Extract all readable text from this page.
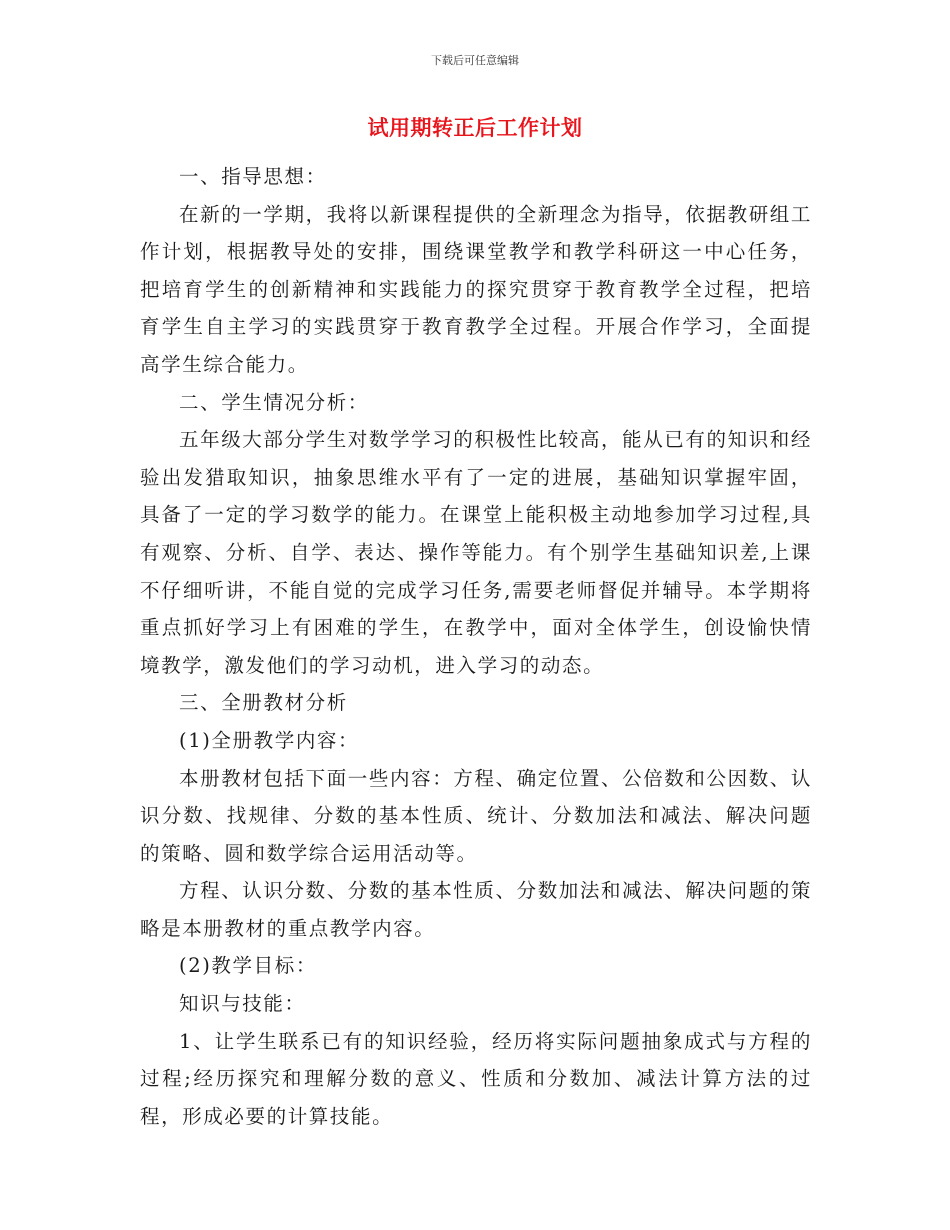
下载后可任意编辑
试用期转正后工作计划

一、指导思想：

在新的一学期，我将以新课程提供的全新理念为指导，依据教研组工作计划，根据教导处的安排，围绕课堂教学和教学科研这一中心任务，把培育学生的创新精神和实践能力的探究贯穿于教育教学全过程，把培育学生自主学习的实践贯穿于教育教学全过程。开展合作学习，全面提高学生综合能力。

二、学生情况分析：

五年级大部分学生对数学学习的积极性比较高，能从已有的知识和经验出发猎取知识，抽象思维水平有了一定的进展，基础知识掌握牢固，具备了一定的学习数学的能力。在课堂上能积极主动地参加学习过程,具有观察、分析、自学、表达、操作等能力。有个别学生基础知识差,上课不仔细听讲，不能自觉的完成学习任务,需要老师督促并辅导。本学期将重点抓好学习上有困难的学生，在教学中，面对全体学生，创设愉快情境教学，激发他们的学习动机，进入学习的动态。

三、全册教材分析

(1)全册教学内容：

本册教材包括下面一些内容：方程、确定位置、公倍数和公因数、认识分数、找规律、分数的基本性质、统计、分数加法和减法、解决问题的策略、圆和数学综合运用活动等。

方程、认识分数、分数的基本性质、分数加法和减法、解决问题的策略是本册教材的重点教学内容。

(2)教学目标：

知识与技能：

1、让学生联系已有的知识经验，经历将实际问题抽象成式与方程的过程;经历探究和理解分数的意义、性质和分数加、减法计算方法的过程，形成必要的计算技能。
